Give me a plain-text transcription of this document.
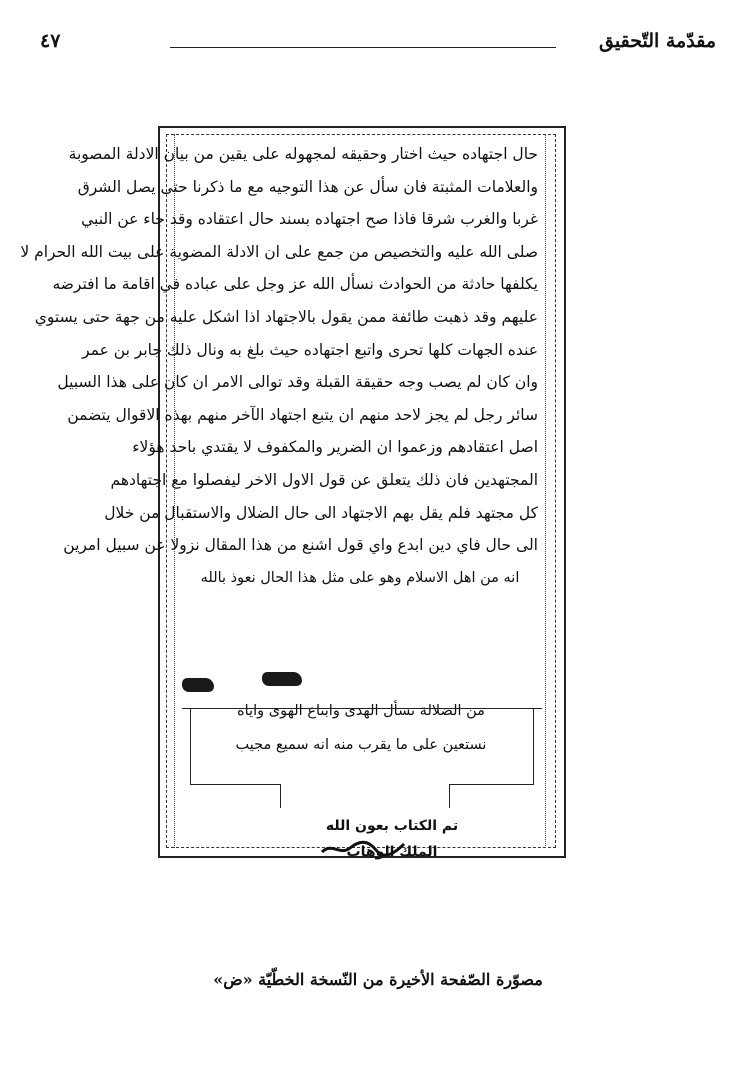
مقدّمة التّحقيق
٤٧
حال اجتهاده حيث اختار وحقيقه لمجهوله على يقين من بيان الادلة المصوبة
والعلامات المثبتة فان سأل عن هذا التوجيه مع ما ذكرنا حتى يصل الشرق
غربا والغرب شرقا فاذا صح اجتهاده بسند حال اعتقاده وقد جاء عن النبي
صلى الله عليه والتخصيص من جمع على ان الادلة المضوية على بيت الله الحرام لا
يكلفها حادثة من الحوادث نسأل الله عز وجل على عباده في اقامة ما افترضه
عليهم وقد ذهبت طائفة ممن يقول بالاجتهاد اذا اشكل عليه من جهة حتى يستوي
عنده الجهات كلها تحرى واتبع اجتهاده حيث بلغ به ونال ذلك جابر بن عمر
وان كان لم يصب وجه حقيقة القبلة وقد توالى الامر ان كان على هذا السبيل
سائر رجل لم يجز لاحد منهم ان يتبع اجتهاد الآخر منهم بهذه الاقوال يتضمن
اصل اعتقادهم وزعموا ان الضرير والمكفوف لا يقتدي باحد هؤلاء
المجتهدين فان ذلك يتعلق عن قول الاول الاخر ليفصلوا مع اجتهادهم
كل مجتهد فلم يقل بهم الاجتهاد الى حال الضلال والاستقبال من خلال
الى حال فاي دين ابدع واي قول اشنع من هذا المقال نزولا عن سبيل امرين
انه من اهل الاسلام وهو على مثل هذا الحال نعوذ بالله
من الضلالة نسأل الهدى وابتاع الهوى واياه
نستعين على ما يقرب منه انه سميع مجيب
تم الكتاب بعون الله
الملك الوهاب
مصوّرة الصّفحة الأخيرة من النّسخة الخطّيّة «ض»
